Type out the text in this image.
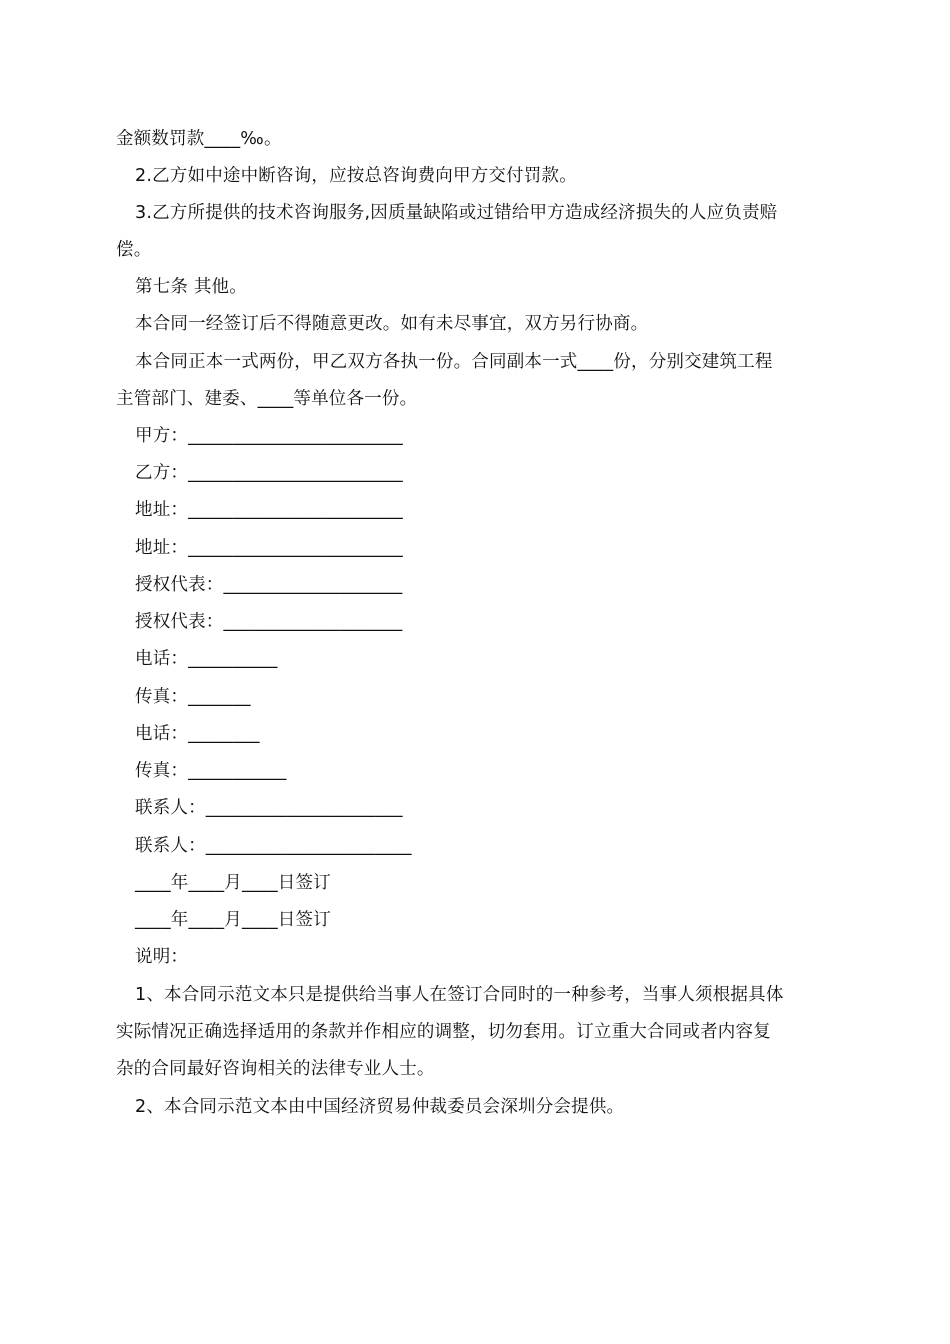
金额数罚款____‰。
2.乙方如中途中断咨询，应按总咨询费向甲方交付罚款。
3.乙方所提供的技术咨询服务,因质量缺陷或过错给甲方造成经济损失的人应负责赔
偿。
第七条 其他。
本合同一经签订后不得随意更改。如有未尽事宜，双方另行协商。
本合同正本一式两份，甲乙双方各执一份。合同副本一式____份，分别交建筑工程
主管部门、建委、____等单位各一份。
甲方：________________________
乙方：________________________
地址：________________________
地址：________________________
授权代表：____________________
授权代表：____________________
电话：__________
传真：_______
电话：________
传真：___________
联系人：______________________
联系人：_______________________
____年____月____日签订
____年____月____日签订
说明：
1、本合同示范文本只是提供给当事人在签订合同时的一种参考，当事人须根据具体
实际情况正确选择适用的条款并作相应的调整，切勿套用。订立重大合同或者内容复
杂的合同最好咨询相关的法律专业人士。
2、本合同示范文本由中国经济贸易仲裁委员会深圳分会提供。
